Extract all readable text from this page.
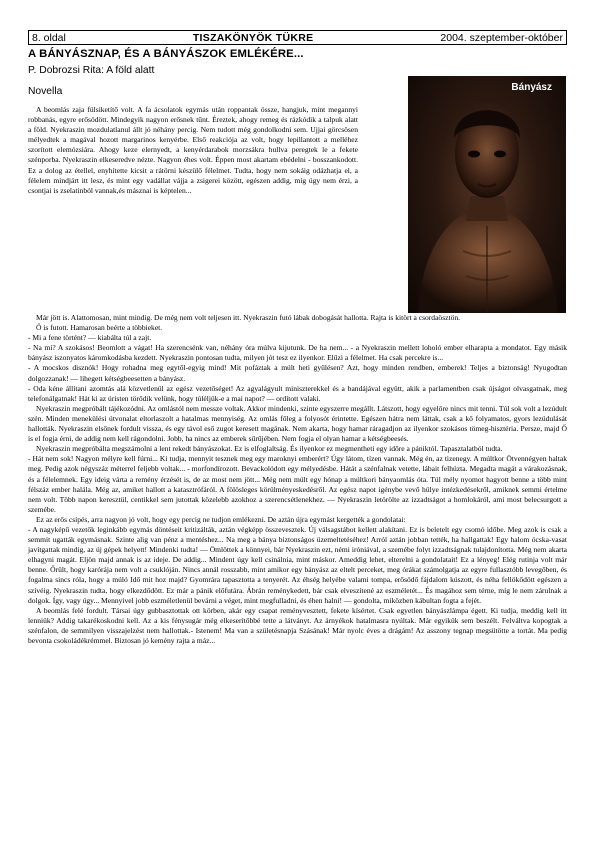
8. oldal	TISZAKÖNYÖK TÜKRE	2004. szeptember-október
A BÁNYÁSZNAP, ÉS A BÁNYÁSZOK EMLÉKÉRE...
P. Dobrozsi Rita: A föld alatt
Novella

A beomlás zaja fülsiketítő volt. A fa ácsolatok egymás után roppantak össze, hangjuk, mint megannyi robbanás, egyre erősödött. Mindegyik nagyon erősnek tűnt. Éreztek, ahogy remeg és rázkódik a talpuk alatt a föld. Nyekraszin mozdulatlanul állt jó néhány percig. Nem tudott még gondolkodni sem. Ujjai görcsösen mélyedtek a magával hozott margarinos kenyérbe. Első reakciója az volt, hogy lepillantott a melléhez szorított elemózsiára. Ahogy keze elernyedt, a kenyérdarabok morzsákra hullva peregtek le a fekete szénporba. Nyekraszin elkeseredve nézte. Nagyon éhes volt. Éppen most akartam ebédelni - bosszankodott. Ez a dolog az étellel, enyhítette kicsit a rátörni készülő félelmet. Tudta, hogy nem sokáig odázhatja el, a félelem mindjárt itt lesz, és mint egy vadállat vájja a zsigerei között, egészen addig, míg úgy nem érzi, a csontjai is zselatinból vannak,és másznai is képtelen...

Bányász

Már jött is. Alattomosan, mint mindig. De még nem volt teljesen itt. Nyekraszin futó lábak dobogását hallotta. Rajta is kitört a csordaösztön.

Ő is futott. Hamarosan beérte a többieket.

- Mi a fene történt? — kiabálta túl a zajt.

- Na mi? A szokásos! Beomlott a vágat! Ha szerencsénk van, néhány óra múlva kijutunk. De ha nem... - a Nyekraszin mellett loholó ember elharapta a mondatot. Egy másik bányász iszonyatos káromkodásba kezdett. Nyekraszin pontosan tudta, milyen jót tesz ez ilyenkor. Elűzi a félelmet. Ha csak percekre is...

- A mocskos disznók! Hogy rohadna meg egytől-egyig mind! Mit pofáztak a múlt heti gyűlésen? Azt, hogy minden rendben, emberek! Teljes a biztonság! Nyugodtan dolgozzanak! — lihegett kétségbeesetten a bányász.

- Oda kéne állítani azomtás alá közvetlenül az egész vezetőséget! Az agyalágyult miniszterekkel és a bandájával együtt, akik a parlamentben csak újságot olvasgatnak, meg telefonálgatnak! Hát ki az úristen törődik velünk, hogy túléljük-e a mai napot? — ordított valaki.

Nyekraszin megpróbált tájékozódni. Az omlástól nem messze voltak. Akkor mindenki, szinte egyszerre megállt. Látszott, hogy egyelőre nincs mit tenni. Túl sok volt a lezúdult szén. Minden menekülési útvonalat eltorlaszolt a hatalmas mennyiség. Az omlás főleg a folyosót érintette. Egészen hátra nem láttak, csak a kő folyamatos, gyors lezúdulását hallották. Nyekraszin elsőnek fordult vissza, és egy távol eső zugot keresett magának. Nem akarta, hogy hamar ráragadjon az ilyenkor szokásos tömeg-hisztéria. Persze, majd Ő is el fogja érni, de addig nem kell rágondolni. Jobb, ha nincs az emberek sűrűjében. Nem fogja el olyan hamar a kétségbeesés.

Nyekraszin megpróbálta megszámolni a lent rekedt bányászokat. Ez is elfoglaltság. És ilyenkor ez megmentheti egy időre a pániktól. Tapasztalatból tudta.

- Hát nem sok! Nagyon mélyre kell fúrni... Ki tudja, mennyit tesznek meg egy maroknyi emberért? Úgy látom, tízen vannak. Még én, az tizenegy. A múltkor Ötvennégyen haltak meg. Pedig azok négyszáz méterrel feljebb voltak... - morfondírozott. Bevackolódott egy mélyedésbe. Hátát a szénfalnak vetette, lábait felhúzta. Megadta magát a várakozásnak, és a félelemnek. Egy ideig várta a remény érzését is, de az most nem jött... Még nem múlt egy hónap a múltkori bányaomlás óta. Túl mély nyomot hagyott benne a több mint félszáz ember halála. Még az, amiket hallott a katasztrófáról. A fölösleges körülményeskedésről. Az egész napot igénybe vevő hülye intézkedésekről, amiknek semmi értelme nem volt. Több napon keresztül, centikkel sem jutottak közelebb azokhoz a szerencsétlenekhez. — Nyekraszin letörölte az izzadtságot a homlokáról, ami most belecsurgott a szemébe.

Ez az erős csípés, arra nagyon jó volt, hogy egy percig ne tudjon emlékezni. De aztán újra egymást kergették a gondolatai:

- A nagyképű vezetők leginkább egymás döntéseit kritizálták, aztán végképp összevesztek. Új válsagstábot kellett alakítani. Ez is beletelt egy csomó időbe. Meg azok is csak a semmit ugatták egymásnak. Szinte alig van pénz a mentéshez... Na meg a bánya biztonságos üzemeltetéséhez! Arról aztán jobban tették, ha hallgattak! Egy halom ócska-vasat javítgattak mindig, az új gépek helyett! Mindenki tudta! — Ömlöttek a könnyei, bár Nyekraszin ezt, némi iróniával, a szemébe folyt izzadtságnak tulajdonította. Még nem akarta elhagyni magát. Eljön majd annak is az ideje. De addig... Mindent úgy kell csinálnia, mint máskor. Ameddig lehet, elterelni a gondolatait! Ez a lényeg! Elég rutinja volt már benne. Őrült, hogy karórája nem volt a csuklóján. Nincs annál rosszabb, mint amikor egy bányász az eltelt perceket, meg órákat számolgatja az egyre fullasztóbb levegőben, és fogalma sincs róla, hogy a múló Idő mit hoz majd? Gyomrára tapasztotta a tenyerét. Az éhség helyébe valami tompa, erősödő fájdalom kúszott, és néha fellökődött egészen a szívéig. Nyekraszin tudta, hogy elkezdődött. Ez már a pánik előfutára. Ábrán reménykedett, bár csak elveszítené az eszméletét... És magához sem térne, míg le nem zárulnak a dolgok. Így, vagy úgy... Mennyivel jobb eszméletlenül bevárni a véget, mint megfulladni, és éhen halni! — gondolta, miközben kábultan fogta a fejét.

A beomlás felé fordult. Társai úgy gubbasztottak ott körben, akár egy csapat reményvesztett, fekete kísértet. Csak egyetlen bányászlámpa égett. Ki tudja, meddig kell itt lenniük? Addig takarékoskodni kell. Az a kis fénysugár még elkeserítőbbé tette a látványt. Az árnyékok hatalmasra nyúltak. Már egyikük sem beszélt. Felváltva kopogtak a szénfalon, de semmilyen visszajelzést nem hallottak.- Istenem! Ma van a születésnapja Szásának! Már nyolc éves a drágám! Az asszony tegnap megsütötte a tortát. Ma pedig bevonta csokoládékrémmel. Biztosan jó kemény rajta a máz...
